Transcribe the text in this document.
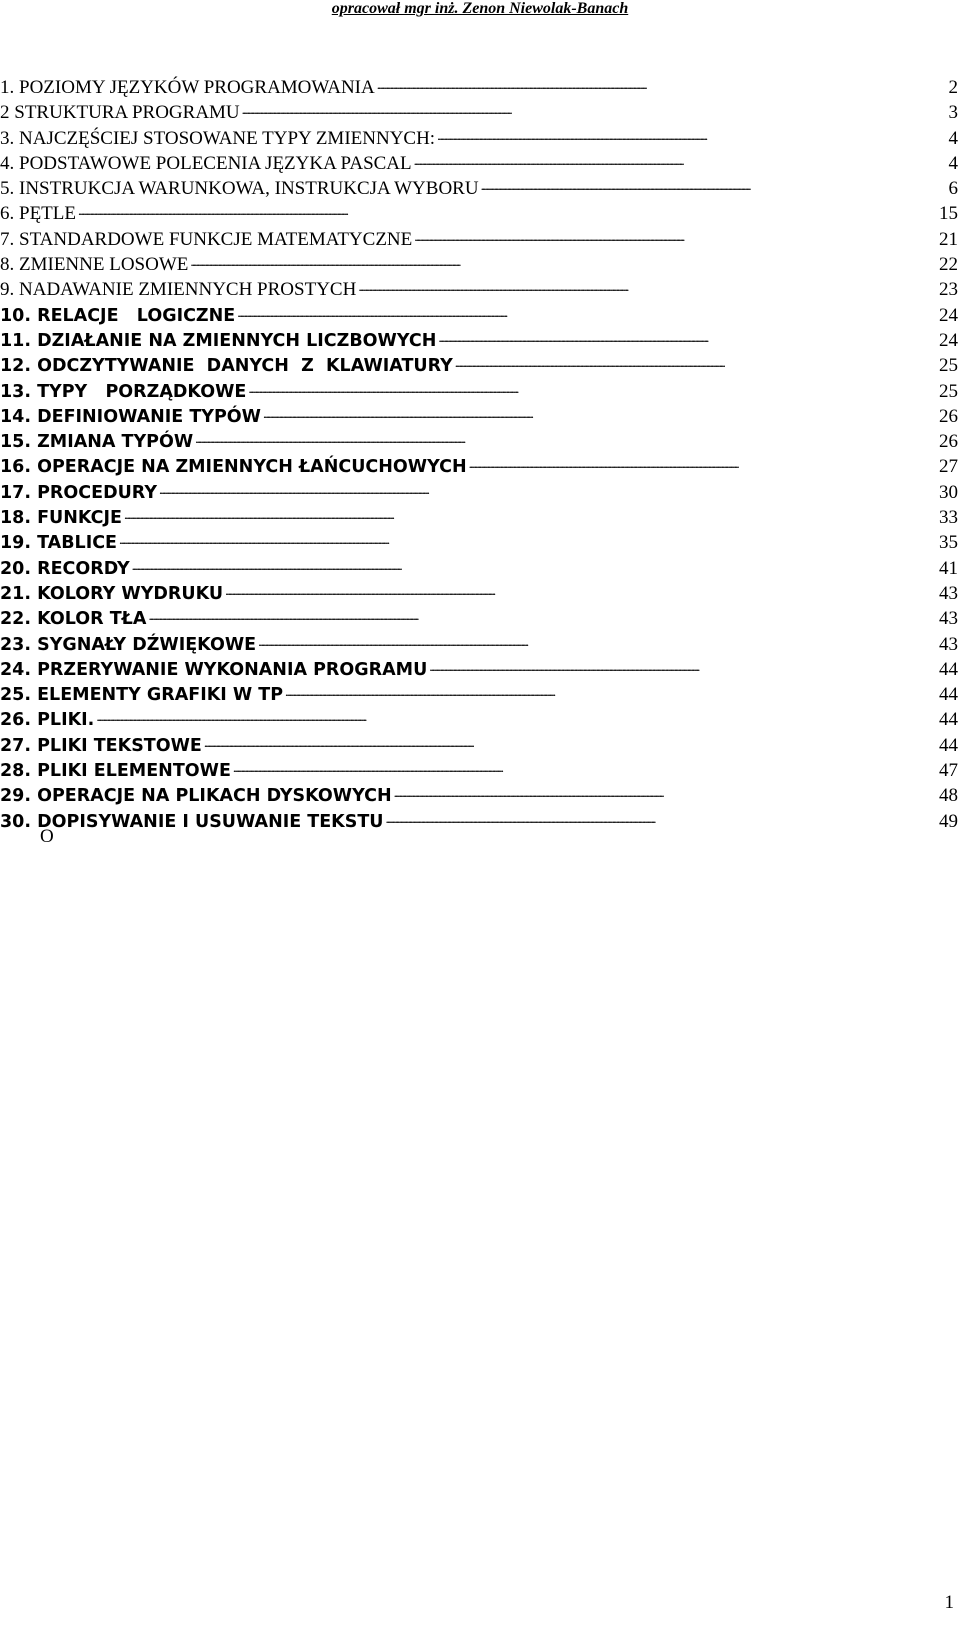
opracował mgr inż. Zenon Niewolak-Banach
1. POZIOMY JĘZYKÓW PROGRAMOWANIA . . .	2
2 STRUKTURA PROGRAMU . . .	3
3. NAJCZĘŚCIEJ STOSOWANE TYPY ZMIENNYCH: . . .	4
4. PODSTAWOWE POLECENIA JĘZYKA PASCAL . . .	4
5. INSTRUKCJA WARUNKOWA, INSTRUKCJA WYBORU . . .	6
6. PĘTLE . . .	15
7. STANDARDOWE FUNKCJE MATEMATYCZNE . . .	21
8. ZMIENNE LOSOWE . . .	22
9. NADAWANIE ZMIENNYCH PROSTYCH . . .	23
10. RELACJE   LOGICZNE . . .	24
11. DZIAŁANIE NA ZMIENNYCH LICZBOWYCH . . .	24
12. ODCZYTYWANIE  DANYCH  Z  KLAWIATURY . . .	25
13. TYPY   PORZĄDKOWE . . .	25
14. DEFINIOWANIE TYPÓW . . .	26
15. ZMIANA TYPÓW . . .	26
16. OPERACJE NA ZMIENNYCH ŁAŃCUCHOWYCH . . .	27
17. PROCEDURY . . .	30
18. FUNKCJE . . .	33
19. TABLICE . . .	35
20. RECORDY . . .	41
21. KOLORY WYDRUKU . . .	43
22. KOLOR TŁA . . .	43
23. SYGNAŁY DŹWIĘKOWE . . .	43
24. PRZERYWANIE WYKONANIA PROGRAMU . . .	44
25. ELEMENTY GRAFIKI W TP . . .	44
26. PLIKI. . . .	44
27. PLIKI TEKSTOWE . . .	44
28. PLIKI ELEMENTOWE . . .	47
29. OPERACJE NA PLIKACH DYSKOWYCH . . .	48
30. DOPISYWANIE I USUWANIE TEKSTU . . .	49
O
1
